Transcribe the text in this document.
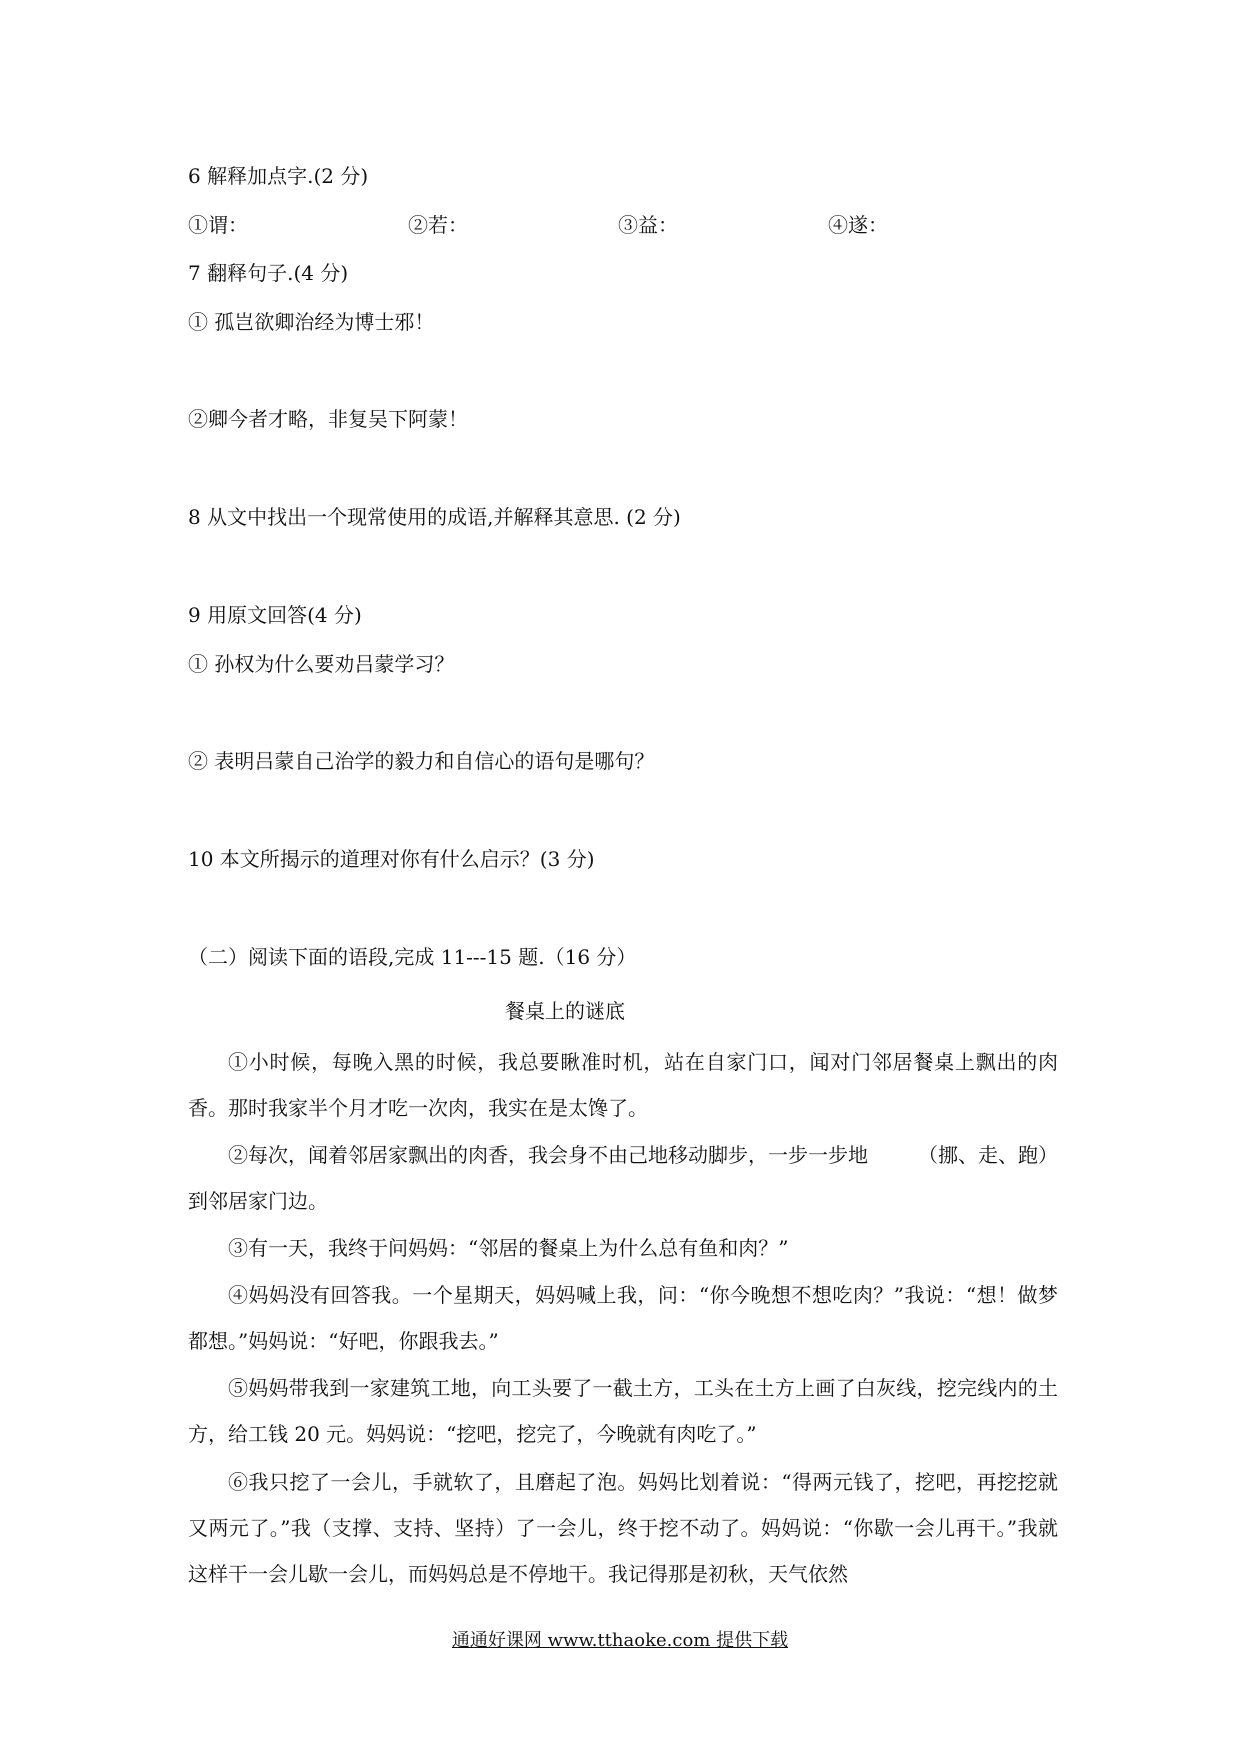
6 解释加点字.(2 分)
①谓：	②若：	③益：	④遂：
7 翻释句子.(4 分)
① 孤岂欲卿治经为博士邪！
②卿今者才略，非复吴下阿蒙！
8 从文中找出一个现常使用的成语,并解释其意思. (2 分)
9 用原文回答(4 分)
① 孙权为什么要劝吕蒙学习？
② 表明吕蒙自己治学的毅力和自信心的语句是哪句？
10 本文所揭示的道理对你有什么启示？(3 分)
（二）阅读下面的语段,完成 11---15 题.（16 分）
餐桌上的谜底
①小时候，每晚入黑的时候，我总要瞅准时机，站在自家门口，闻对门邻居餐桌上飘出的肉香。那时我家半个月才吃一次肉，我实在是太馋了。
②每次，闻着邻居家飘出的肉香，我会身不由己地移动脚步，一步一步地　　　（挪、走、跑）到邻居家门边。
③有一天，我终于问妈妈：“邻居的餐桌上为什么总有鱼和肉？”
④妈妈没有回答我。一个星期天，妈妈喊上我，问：“你今晚想不想吃肉？”我说：“想！做梦都想。”妈妈说：“好吧，你跟我去。”
⑤妈妈带我到一家建筑工地，向工头要了一截土方，工头在土方上画了白灰线，挖完线内的土方，给工钱 20 元。妈妈说：“挖吧，挖完了，今晚就有肉吃了。”
⑥我只挖了一会儿，手就软了，且磨起了泡。妈妈比划着说：“得两元钱了，挖吧，再挖挖就又两元了。”我（支撑、支持、坚持）了一会儿，终于挖不动了。妈妈说：“你歇一会儿再干。”我就这样干一会儿歇一会儿，而妈妈总是不停地干。我记得那是初秋，天气依然
通通好课网 www.tthaoke.com 提供下载
